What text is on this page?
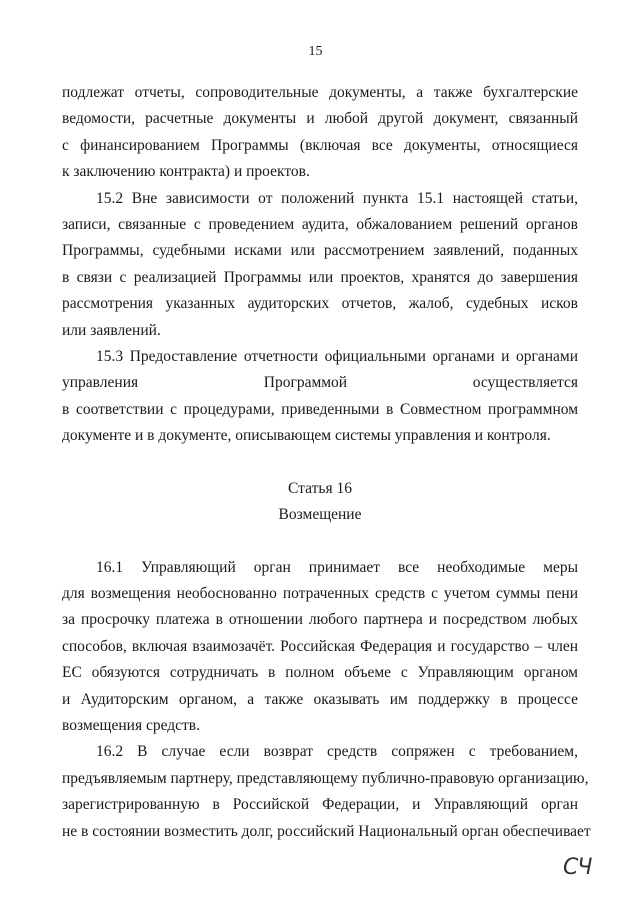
15
подлежат отчеты, сопроводительные документы, а также бухгалтерские
ведомости, расчетные документы и любой другой документ, связанный
с финансированием Программы (включая все документы, относящиеся
к заключению контракта) и проектов.
15.2 Вне зависимости от положений пункта 15.1 настоящей статьи,
записи, связанные с проведением аудита, обжалованием решений органов
Программы, судебными исками или рассмотрением заявлений, поданных
в связи с реализацией Программы или проектов, хранятся до завершения
рассмотрения указанных аудиторских отчетов, жалоб, судебных исков
или заявлений.
15.3 Предоставление отчетности официальными органами и органами
управления Программой осуществляется
в соответствии с процедурами, приведенными в Совместном программном
документе и в документе, описывающем системы управления и контроля.
Статья 16
Возмещение
16.1 Управляющий орган принимает все необходимые меры
для возмещения необоснованно потраченных средств с учетом суммы пени
за просрочку платежа в отношении любого партнера и посредством любых
способов, включая взаимозачёт. Российская Федерация и государство – член
ЕС обязуются сотрудничать в полном объеме с Управляющим органом
и Аудиторским органом, а также оказывать им поддержку в процессе
возмещения средств.
16.2 В случае если возврат средств сопряжен с требованием,
предъявляемым партнеру, представляющему публично-правовую организацию,
зарегистрированную в Российской Федерации, и Управляющий орган
не в состоянии возместить долг, российский Национальный орган обеспечивает
СЧ
